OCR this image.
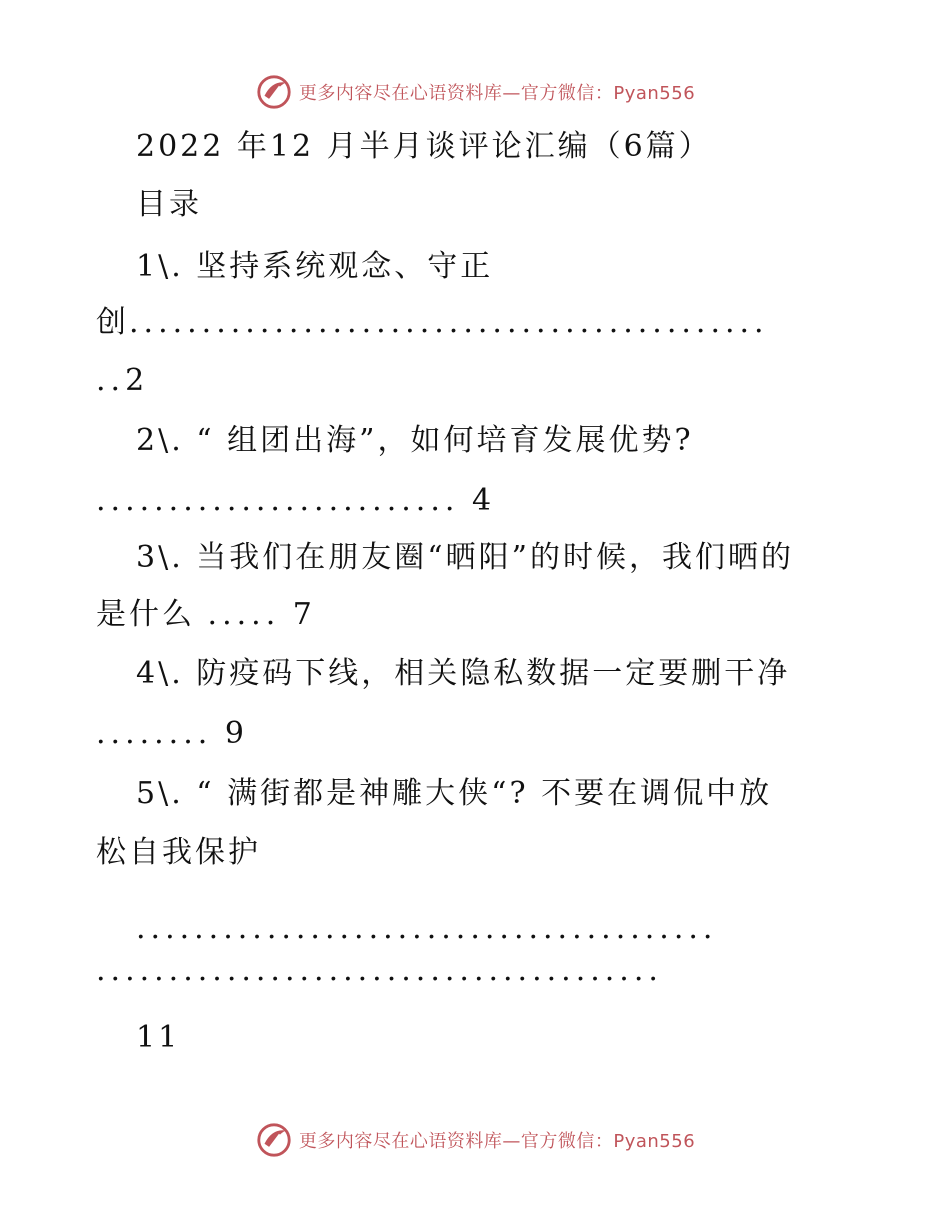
更多内容尽在心语资料库—官方微信：Pyan556
2022 年12 月半月谈评论汇编（6篇）
目录
1\. 坚持系统观念、守正
创............................................
..2
2\. “ 组团出海”，如何培育发展优势?
......................... 4
3\. 当我们在朋友圈“晒阳”的时候，我们晒的
是什么 ..... 7
4\. 防疫码下线，相关隐私数据一定要删干净
........ 9
5\. “ 满街都是神雕大侠“? 不要在调侃中放
松自我保护
........................................
.......................................
11
更多内容尽在心语资料库—官方微信：Pyan556
